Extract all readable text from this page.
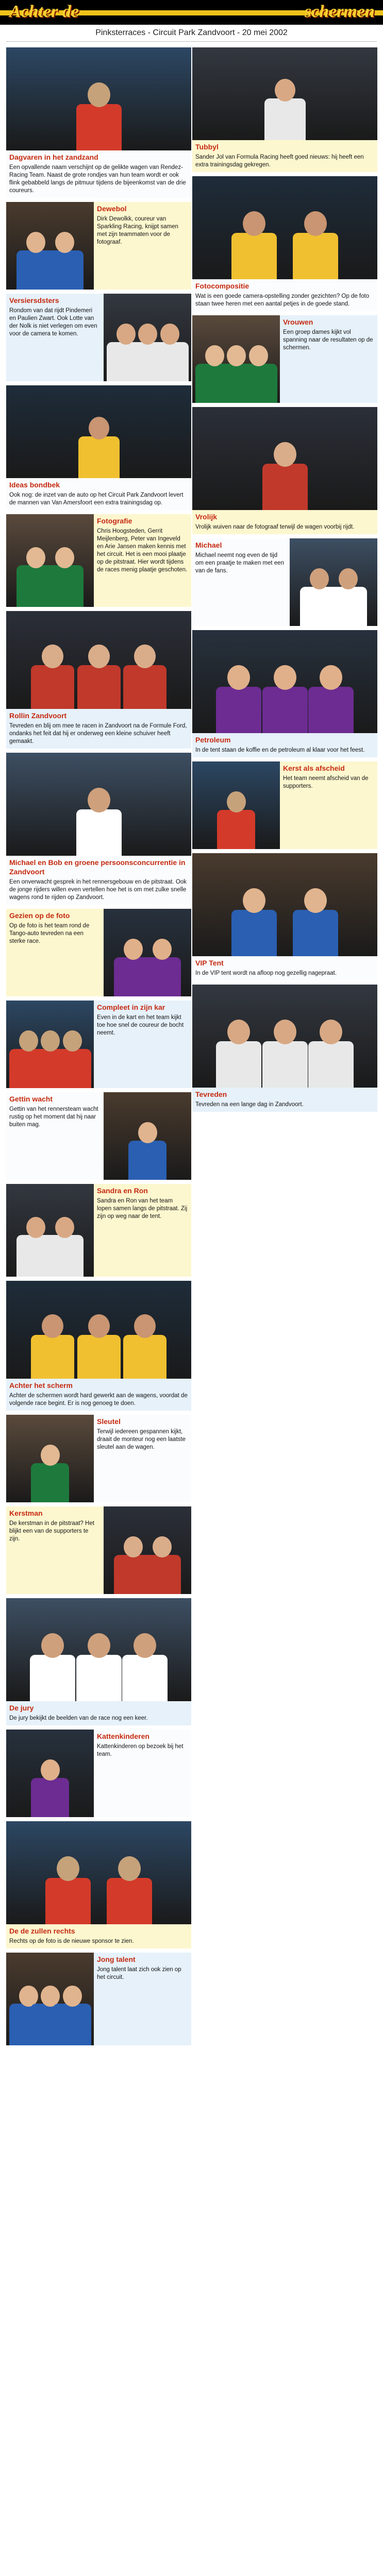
Achter de	schermen
Pinksterraces - Circuit Park Zandvoort - 20 mei 2002
Dagvaren in het zandzand
Een opvallende naam verschijnt op de gelikte wagen van Rendez-Racing Team. Naast de grote rondjes van hun team wordt er ook flink gebabbeld langs de pitmuur tijdens de bijeenkomst van de drie coureurs.
Dewebol
Dirk Dewolkk, coureur van Sparkling Racing, knijpt samen met zijn teammaten voor de fotograaf.
Versiersdsters
Rondom van dat rijdt Pindemeri en Paulien Zwart. Ook Lotte van der Nolk is niet verlegen om even voor de camera te komen.
Ideas bondbek
Ook nog: de inzet van de auto op het Circuit Park Zandvoort levert de mannen van Van Amersfoort een extra trainingsdag op.
Fotografie
Chris Hoogsteden, Gerrit Meijlenberg, Peter van Ingeveld en Arie Jansen maken kennis met het circuit. Het is een mooi plaatje op de pitstraat. Hier wordt tijdens de races menig plaatje geschoten.
Rollin Zandvoort
Tevreden en blij om mee te racen in Zandvoort na de Formule Ford, ondanks het feit dat hij er onderweg een kleine schuiver heeft gemaakt.
Michael en Bob en groene persoonsconcurrentie in Zandvoort
Een onverwacht gesprek in het rennersgebouw en de pitstraat. Ook de jonge rijders willen even vertellen hoe het is om met zulke snelle wagens rond te rijden op Zandvoort.
Gezien op de foto
Op de foto is het team rond de Tango-auto tevreden na een sterke race.
Compleet in zijn kar
Even in de kart en het team kijkt toe hoe snel de coureur de bocht neemt.
Gettin wacht
Gettin van het rennersteam wacht rustig op het moment dat hij naar buiten mag.
Sandra en Ron
Sandra en Ron van het team lopen samen langs de pitstraat. Zij zijn op weg naar de tent.
Achter het scherm
Achter de schermen wordt hard gewerkt aan de wagens, voordat de volgende race begint. Er is nog genoeg te doen.
Sleutel
Terwijl iedereen gespannen kijkt, draait de monteur nog een laatste sleutel aan de wagen.
Kerstman
De kerstman in de pitstraat? Het blijkt een van de supporters te zijn.
De jury
De jury bekijkt de beelden van de race nog een keer.
Kattenkinderen
Kattenkinderen op bezoek bij het team.
De de zullen rechts
Rechts op de foto is de nieuwe sponsor te zien.
Jong talent
Jong talent laat zich ook zien op het circuit.
Tubbyl
Sander Jol van Formula Racing heeft goed nieuws: hij heeft een extra trainingsdag gekregen.
Fotocompositie
Wat is een goede camera-opstelling zonder gezichten? Op de foto staan twee heren met een aantal petjes in de goede stand.
Vrouwen
Een groep dames kijkt vol spanning naar de resultaten op de schermen.
Vrolijk
Vrolijk wuiven naar de fotograaf terwijl de wagen voorbij rijdt.
Michael
Michael neemt nog even de tijd om een praatje te maken met een van de fans.
Petroleum
In de tent staan de koffie en de petroleum al klaar voor het feest.
Kerst als afscheid
Het team neemt afscheid van de supporters.
VIP Tent
In de VIP tent wordt na afloop nog gezellig nagepraat.
Tevreden
Tevreden na een lange dag in Zandvoort.
